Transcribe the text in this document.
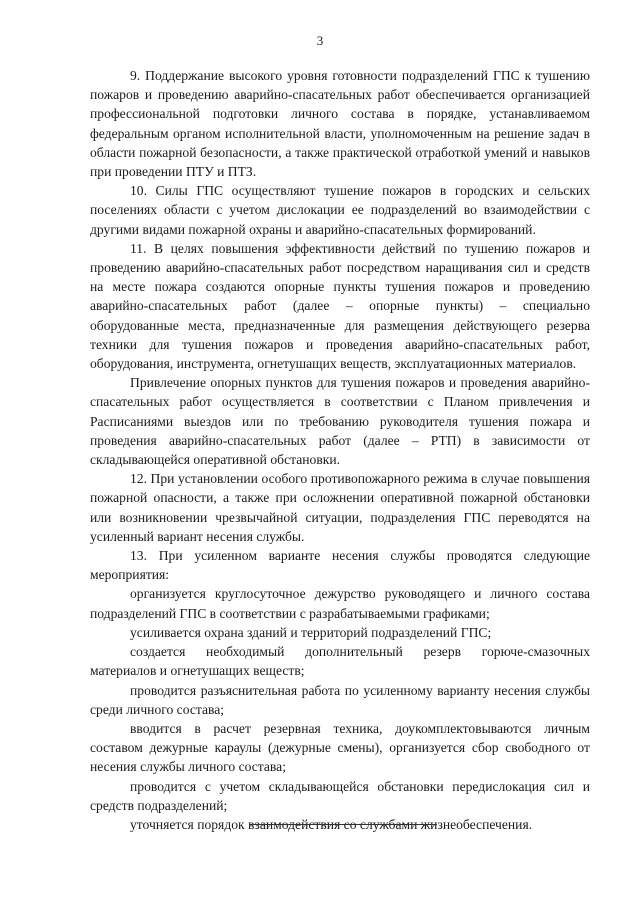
3

9. Поддержание высокого уровня готовности подразделений ГПС к тушению пожаров и проведению аварийно-спасательных работ обеспечивается организацией профессиональной подготовки личного состава в порядке, устанавливаемом федеральным органом исполнительной власти, уполномоченным на решение задач в области пожарной безопасности, а также практической отработкой умений и навыков при проведении ПТУ и ПТЗ.

10. Силы ГПС осуществляют тушение пожаров в городских и сельских поселениях области с учетом дислокации ее подразделений во взаимодействии с другими видами пожарной охраны и аварийно-спасательных формирований.

11. В целях повышения эффективности действий по тушению пожаров и проведению аварийно-спасательных работ посредством наращивания сил и средств на месте пожара создаются опорные пункты тушения пожаров и проведению аварийно-спасательных работ (далее – опорные пункты) – специально оборудованные места, предназначенные для размещения действующего резерва техники для тушения пожаров и проведения аварийно-спасательных работ, оборудования, инструмента, огнетушащих веществ, эксплуатационных материалов.

Привлечение опорных пунктов для тушения пожаров и проведения аварийно-спасательных работ осуществляется в соответствии с Планом привлечения и Расписаниями выездов или по требованию руководителя тушения пожара и проведения аварийно-спасательных работ (далее – РТП) в зависимости от складывающейся оперативной обстановки.

12. При установлении особого противопожарного режима в случае повышения пожарной опасности, а также при осложнении оперативной пожарной обстановки или возникновении чрезвычайной ситуации, подразделения ГПС переводятся на усиленный вариант несения службы.

13. При усиленном варианте несения службы проводятся следующие мероприятия:

организуется круглосуточное дежурство руководящего и личного состава подразделений ГПС в соответствии с разрабатываемыми графиками;

усиливается охрана зданий и территорий подразделений ГПС;

создается необходимый дополнительный резерв горюче-смазочных материалов и огнетушащих веществ;

проводится разъяснительная работа по усиленному варианту несения службы среди личного состава;

вводится в расчет резервная техника, доукомплектовываются личным составом дежурные караулы (дежурные смены), организуется сбор свободного от несения службы личного состава;

проводится с учетом складывающейся обстановки передислокация сил и средств подразделений;

уточняется порядок взаимодействия со службами жизнеобеспечения.
